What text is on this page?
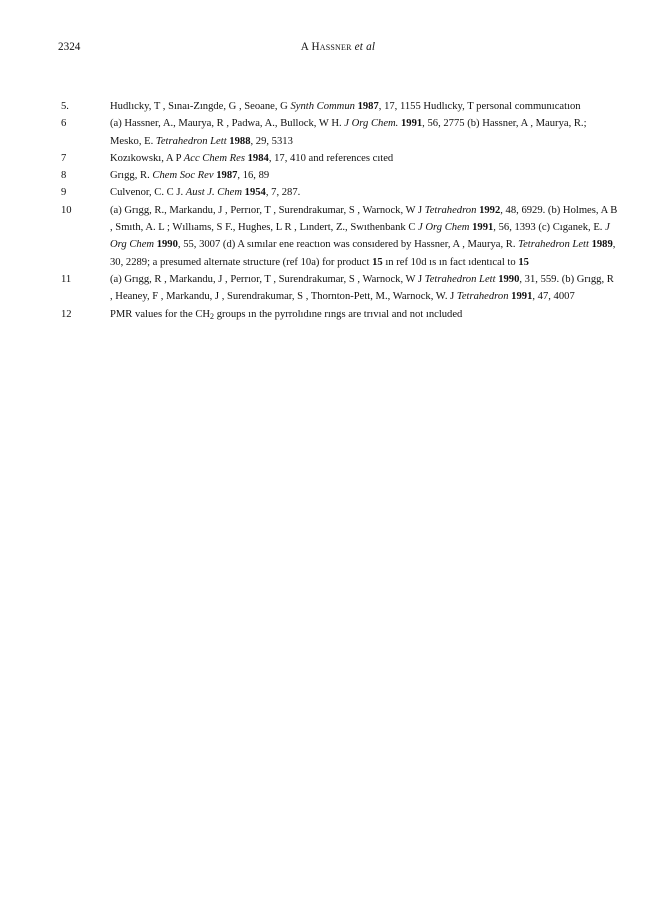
2324	A Hassner et al

5.	Hudlıcky, T , Sınaı-Zıngde, G , Seoane, G Synth Commun 1987, 17, 1155 Hudlıcky, T personal communıcatıon

6	(a) Hassner, A., Maurya, R , Padwa, A., Bullock, W H. J Org Chem. 1991, 56, 2775 (b) Hassner, A , Maurya, R.; Mesko, E. Tetrahedron Lett 1988, 29, 5313

7	Kozıkowskı, A P Acc Chem Res 1984, 17, 410 and references cıted

8	Grıgg, R. Chem Soc Rev 1987, 16, 89

9	Culvenor, C. C J. Aust J. Chem 1954, 7, 287.

10	(a) Grıgg, R., Markandu, J , Perrıor, T , Surendrakumar, S , Warnock, W J Tetrahedron 1992, 48, 6929. (b) Holmes, A B , Smıth, A. L ; Wıllıams, S F., Hughes, L R , Lındert, Z., Swıthenbank C J Org Chem 1991, 56, 1393 (c) Cıganek, E. J Org Chem 1990, 55, 3007 (d) A sımılar ene reactıon was consıdered by Hassner, A , Maurya, R. Tetrahedron Lett 1989, 30, 2289; a presumed alternate structure (ref 10a) for product 15 ın ref 10d ıs ın fact ıdentıcal to 15

11	(a) Grıgg, R , Markandu, J , Perrıor, T , Surendrakumar, S , Warnock, W J Tetrahedron Lett 1990, 31, 559. (b) Grıgg, R , Heaney, F , Markandu, J , Surendrakumar, S , Thornton-Pett, M., Warnock, W. J Tetrahedron 1991, 47, 4007

12	PMR values for the $CH_2$ groups ın the pyrrolıdıne rıngs are trıvıal and not ıncluded
